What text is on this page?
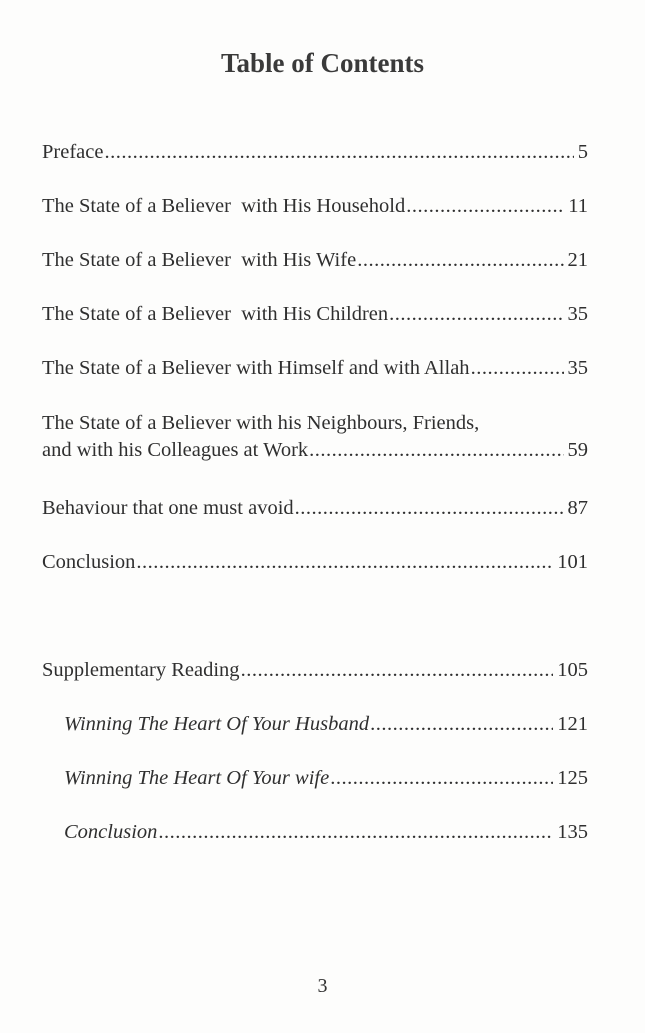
Table of Contents
Preface .....	5
The State of a Believer  with His Household .....	11
The State of a Believer  with His Wife .....	21
The State of a Believer  with His Children .....	35
The State of a Believer with Himself and with Allah .....	35
The State of a Believer with his Neighbours, Friends,
and with his Colleagues at Work .....	59
Behaviour that one must avoid .....	87
Conclusion .....	101
Supplementary Reading .....	105
Winning The Heart Of Your Husband .....	121
Winning The Heart Of Your wife .....	125
Conclusion .....	135
3
